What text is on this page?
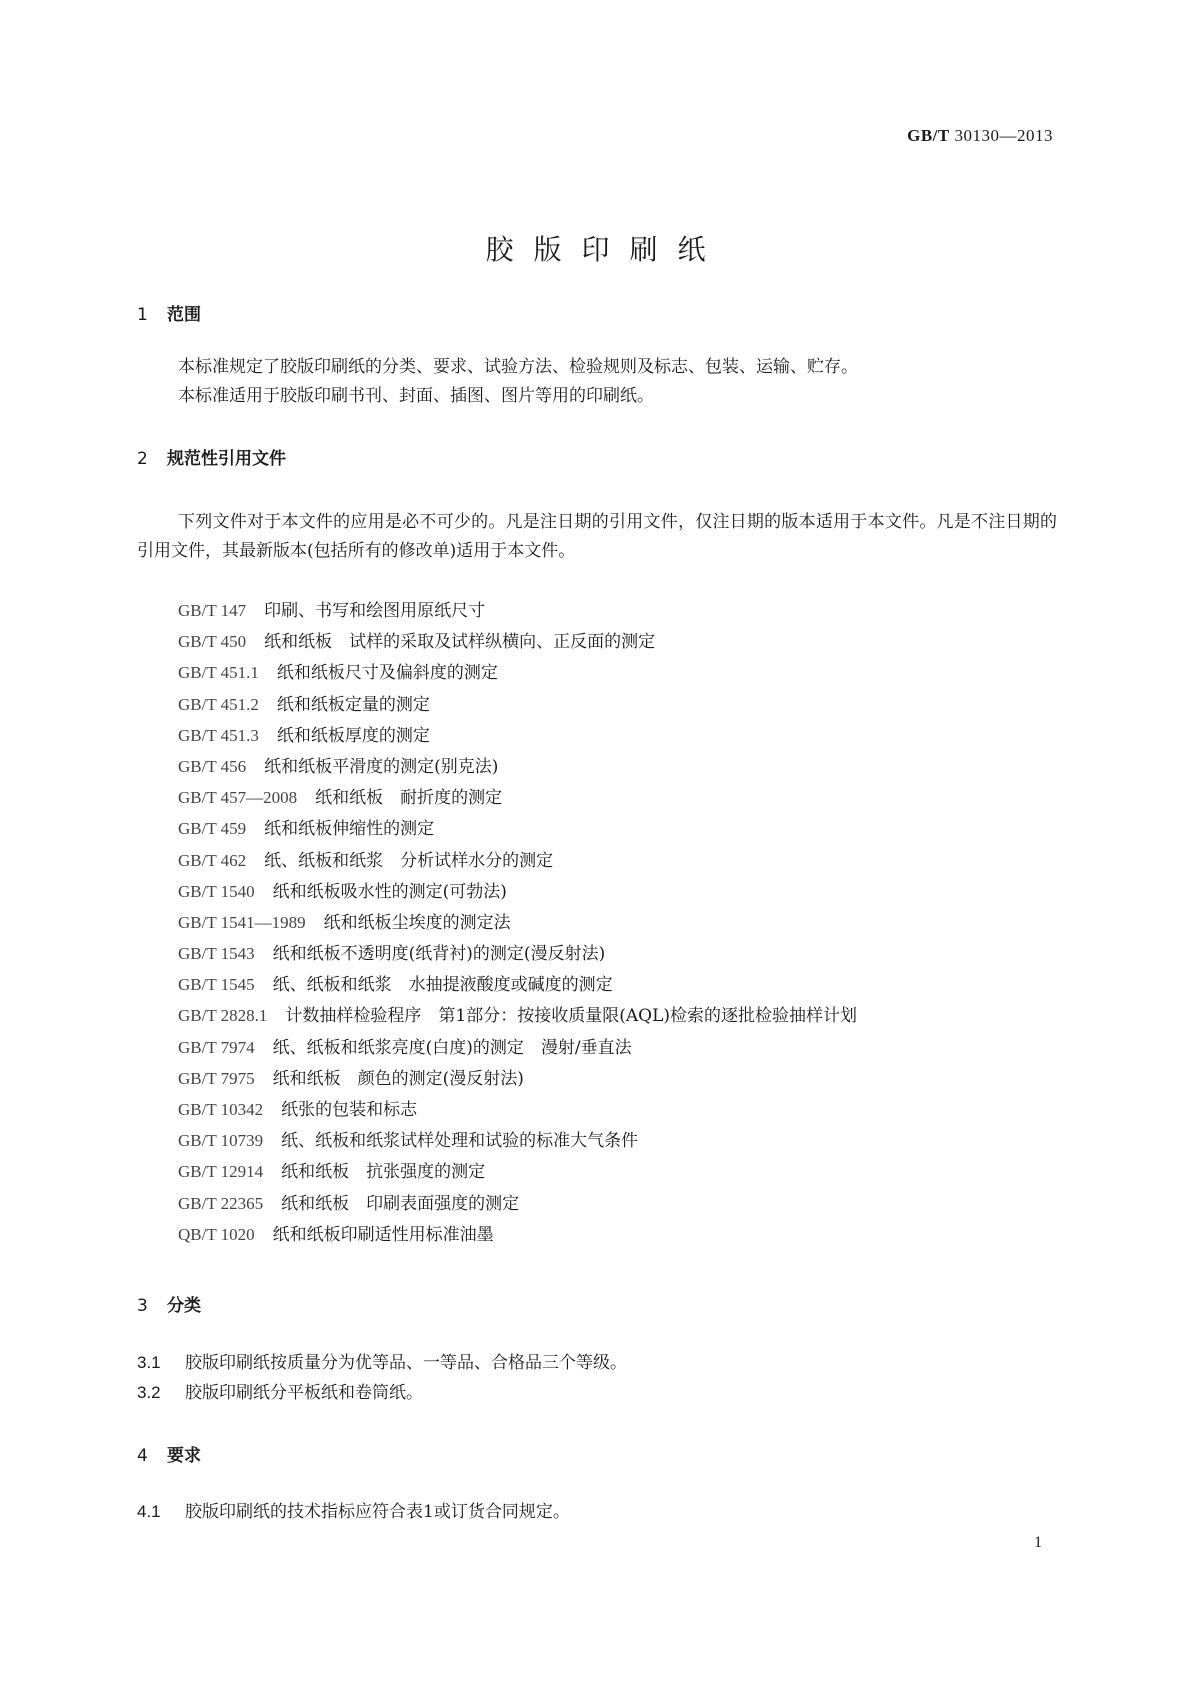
GB/T 30130—2013
胶版印刷纸
1 范围
本标准规定了胶版印刷纸的分类、要求、试验方法、检验规则及标志、包装、运输、贮存。
本标准适用于胶版印刷书刊、封面、插图、图片等用的印刷纸。
2 规范性引用文件
下列文件对于本文件的应用是必不可少的。凡是注日期的引用文件，仅注日期的版本适用于本文件。凡是不注日期的引用文件，其最新版本(包括所有的修改单)适用于本文件。
GB/T 147 印刷、书写和绘图用原纸尺寸
GB/T 450 纸和纸板　试样的采取及试样纵横向、正反面的测定
GB/T 451.1 纸和纸板尺寸及偏斜度的测定
GB/T 451.2 纸和纸板定量的测定
GB/T 451.3 纸和纸板厚度的测定
GB/T 456 纸和纸板平滑度的测定(别克法)
GB/T 457—2008 纸和纸板　耐折度的测定
GB/T 459 纸和纸板伸缩性的测定
GB/T 462 纸、纸板和纸浆　分析试样水分的测定
GB/T 1540 纸和纸板吸水性的测定(可勃法)
GB/T 1541—1989 纸和纸板尘埃度的测定法
GB/T 1543 纸和纸板不透明度(纸背衬)的测定(漫反射法)
GB/T 1545 纸、纸板和纸浆　水抽提液酸度或碱度的测定
GB/T 2828.1 计数抽样检验程序　第1部分：按接收质量限(AQL)检索的逐批检验抽样计划
GB/T 7974 纸、纸板和纸浆亮度(白度)的测定　漫射/垂直法
GB/T 7975 纸和纸板　颜色的测定(漫反射法)
GB/T 10342 纸张的包装和标志
GB/T 10739 纸、纸板和纸浆试样处理和试验的标准大气条件
GB/T 12914 纸和纸板　抗张强度的测定
GB/T 22365 纸和纸板　印刷表面强度的测定
QB/T 1020 纸和纸板印刷适性用标准油墨
3 分类
3.1 胶版印刷纸按质量分为优等品、一等品、合格品三个等级。
3.2 胶版印刷纸分平板纸和卷筒纸。
4 要求
4.1 胶版印刷纸的技术指标应符合表1或订货合同规定。
1
